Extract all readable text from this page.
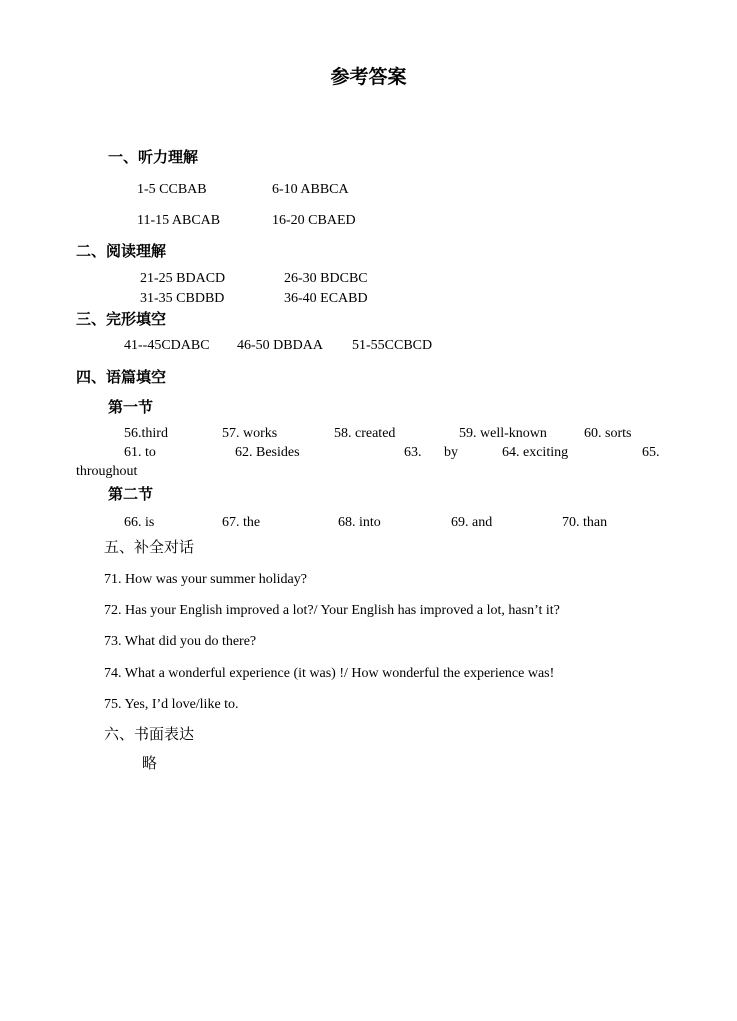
参考答案
一、听力理解
1-5 CCBAB	6-10 ABBCA
11-15 ABCAB	16-20 CBAED
二、阅读理解
21-25 BDACD	26-30 BDCBC
31-35 CBDBD	36-40 ECABD
三、完形填空
41--45CDABC 46-50 DBDAA 51-55CCBCD
四、语篇填空
第一节
56.third	57. works	58. created	59. well-known	60. sorts
61. to	62. Besides	63. by	64. exciting	65.
throughout
第二节
66. is	67. the	68. into	69. and	70. than
五、补全对话
71. How was your summer holiday?
72. Has your English improved a lot?/ Your English has improved a lot, hasn’t it?
73. What did you do there?
74. What a wonderful experience (it was) !/ How wonderful the experience was!
75. Yes, I’d love/like to.
六、书面表达
略
